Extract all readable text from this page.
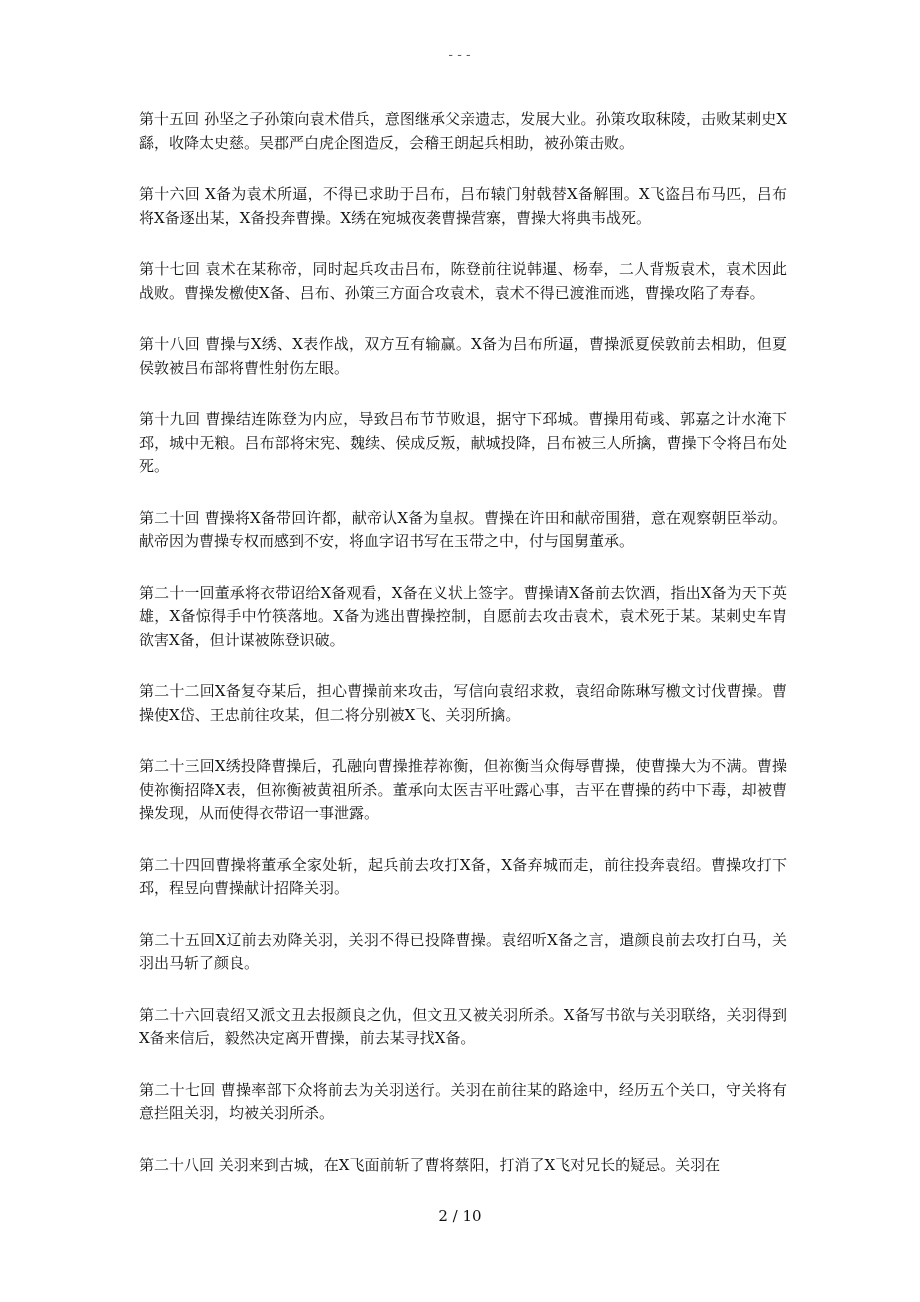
---

第十五回 孙坚之子孙策向袁术借兵，意图继承父亲遗志，发展大业。孙策攻取秣陵，击败某刺史X繇，收降太史慈。吴郡严白虎企图造反，会稽王朗起兵相助，被孙策击败。

第十六回 X备为袁术所逼，不得已求助于吕布，吕布辕门射戟替X备解围。X飞盗吕布马匹，吕布将X备逐出某，X备投奔曹操。X绣在宛城夜袭曹操营寨，曹操大将典韦战死。

第十七回 袁术在某称帝，同时起兵攻击吕布，陈登前往说韩暹、杨奉，二人背叛袁术，袁术因此战败。曹操发檄使X备、吕布、孙策三方面合攻袁术，袁术不得已渡淮而逃，曹操攻陷了寿春。

第十八回 曹操与X绣、X表作战，双方互有输赢。X备为吕布所逼，曹操派夏侯敦前去相助，但夏侯敦被吕布部将曹性射伤左眼。

第十九回 曹操结连陈登为内应，导致吕布节节败退，据守下邳城。曹操用荀彧、郭嘉之计水淹下邳，城中无粮。吕布部将宋宪、魏续、侯成反叛，献城投降，吕布被三人所擒，曹操下令将吕布处死。

第二十回 曹操将X备带回许都，献帝认X备为皇叔。曹操在许田和献帝围猎，意在观察朝臣举动。献帝因为曹操专权而感到不安，将血字诏书写在玉带之中，付与国舅董承。

第二十一回董承将衣带诏给X备观看，X备在义状上签字。曹操请X备前去饮酒，指出X备为天下英雄，X备惊得手中竹筷落地。X备为逃出曹操控制，自愿前去攻击袁术，袁术死于某。某刺史车胄欲害X备，但计谋被陈登识破。

第二十二回X备复夺某后，担心曹操前来攻击，写信向袁绍求救，袁绍命陈琳写檄文讨伐曹操。曹操使X岱、王忠前往攻某，但二将分别被X飞、关羽所擒。

第二十三回X绣投降曹操后，孔融向曹操推荐祢衡，但祢衡当众侮辱曹操，使曹操大为不满。曹操使祢衡招降X表，但祢衡被黄祖所杀。董承向太医吉平吐露心事，吉平在曹操的药中下毒，却被曹操发现，从而使得衣带诏一事泄露。

第二十四回曹操将董承全家处斩，起兵前去攻打X备，X备弃城而走，前往投奔袁绍。曹操攻打下邳，程昱向曹操献计招降关羽。

第二十五回X辽前去劝降关羽，关羽不得已投降曹操。袁绍听X备之言，遣颜良前去攻打白马，关羽出马斩了颜良。

第二十六回袁绍又派文丑去报颜良之仇，但文丑又被关羽所杀。X备写书欲与关羽联络，关羽得到X备来信后，毅然决定离开曹操，前去某寻找X备。

第二十七回 曹操率部下众将前去为关羽送行。关羽在前往某的路途中，经历五个关口，守关将有意拦阻关羽，均被关羽所杀。

第二十八回 关羽来到古城，在X飞面前斩了曹将蔡阳，打消了X飞对兄长的疑忌。关羽在

2 / 10
